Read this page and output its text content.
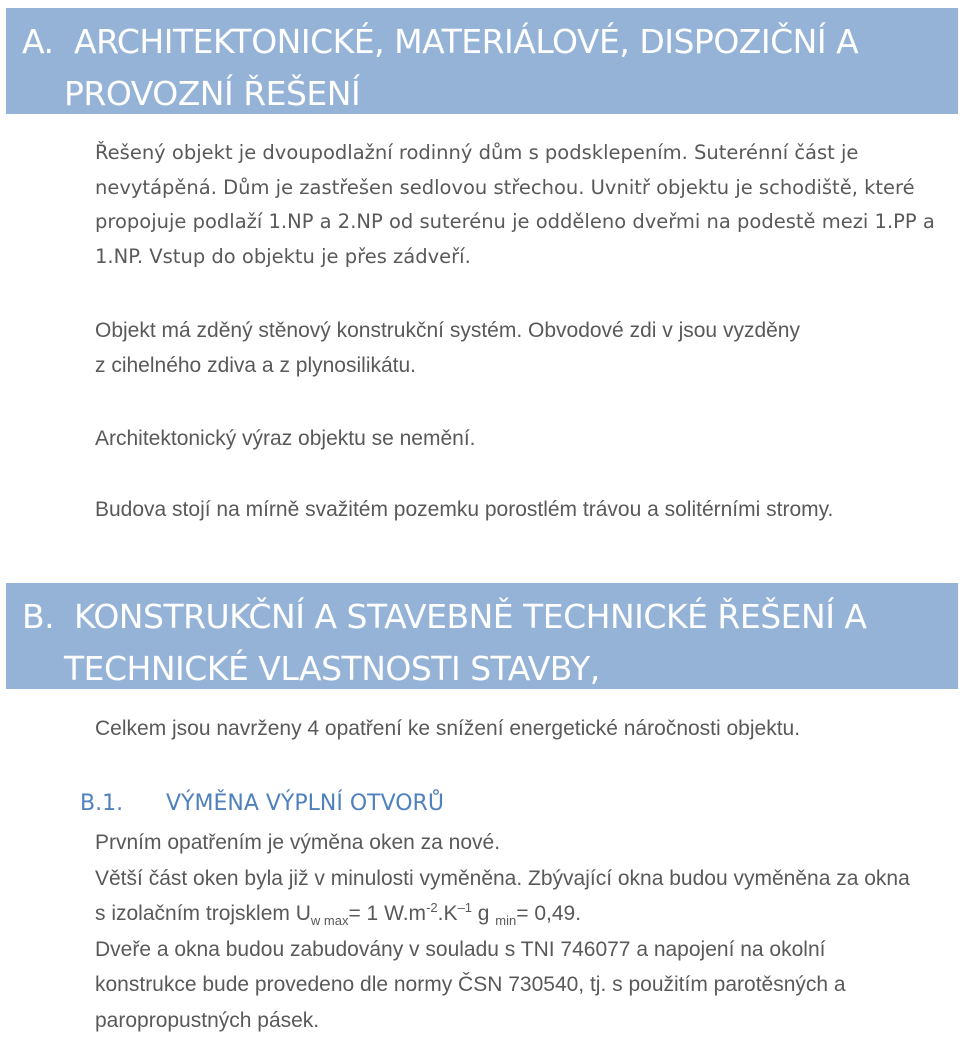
A. ARCHITEKTONICKÉ, MATERIÁLOVÉ, DISPOZIČNÍ A
PROVOZNÍ ŘEŠENÍ
Řešený objekt je dvoupodlažní rodinný dům s podsklepením. Suterénní část je
nevytápěná. Dům je zastřešen sedlovou střechou. Uvnitř objektu je schodiště, které
propojuje podlaží 1.NP a 2.NP od suterénu je odděleno dveřmi na podestě mezi 1.PP a
1.NP. Vstup do objektu je přes zádveří.
Objekt má zděný stěnový konstrukční systém. Obvodové zdi v jsou vyzděny
z cihelného zdiva a z plynosilikátu.
Architektonický výraz objektu se nemění.
Budova stojí na mírně svažitém pozemku porostlém trávou a solitérními stromy.
B. KONSTRUKČNÍ A STAVEBNĚ TECHNICKÉ ŘEŠENÍ A
TECHNICKÉ VLASTNOSTI STAVBY,
Celkem jsou navrženy 4 opatření ke snížení energetické náročnosti objektu.
B.1. VÝMĚNA VÝPLNÍ OTVORŮ
Prvním opatřením je výměna oken za nové.
Větší část oken byla již v minulosti vyměněna. Zbývající okna budou vyměněna za okna
s izolačním trojsklem $U_{w max}= 1$ $W.m^{-2}.K^{-1}$ g $_{min}$= 0,49.
Dveře a okna budou zabudovány v souladu s TNI 746077 a napojení na okolní
konstrukce bude provedeno dle normy ČSN 730540, tj. s použitím parotěsných a
paropropustných pásek.
